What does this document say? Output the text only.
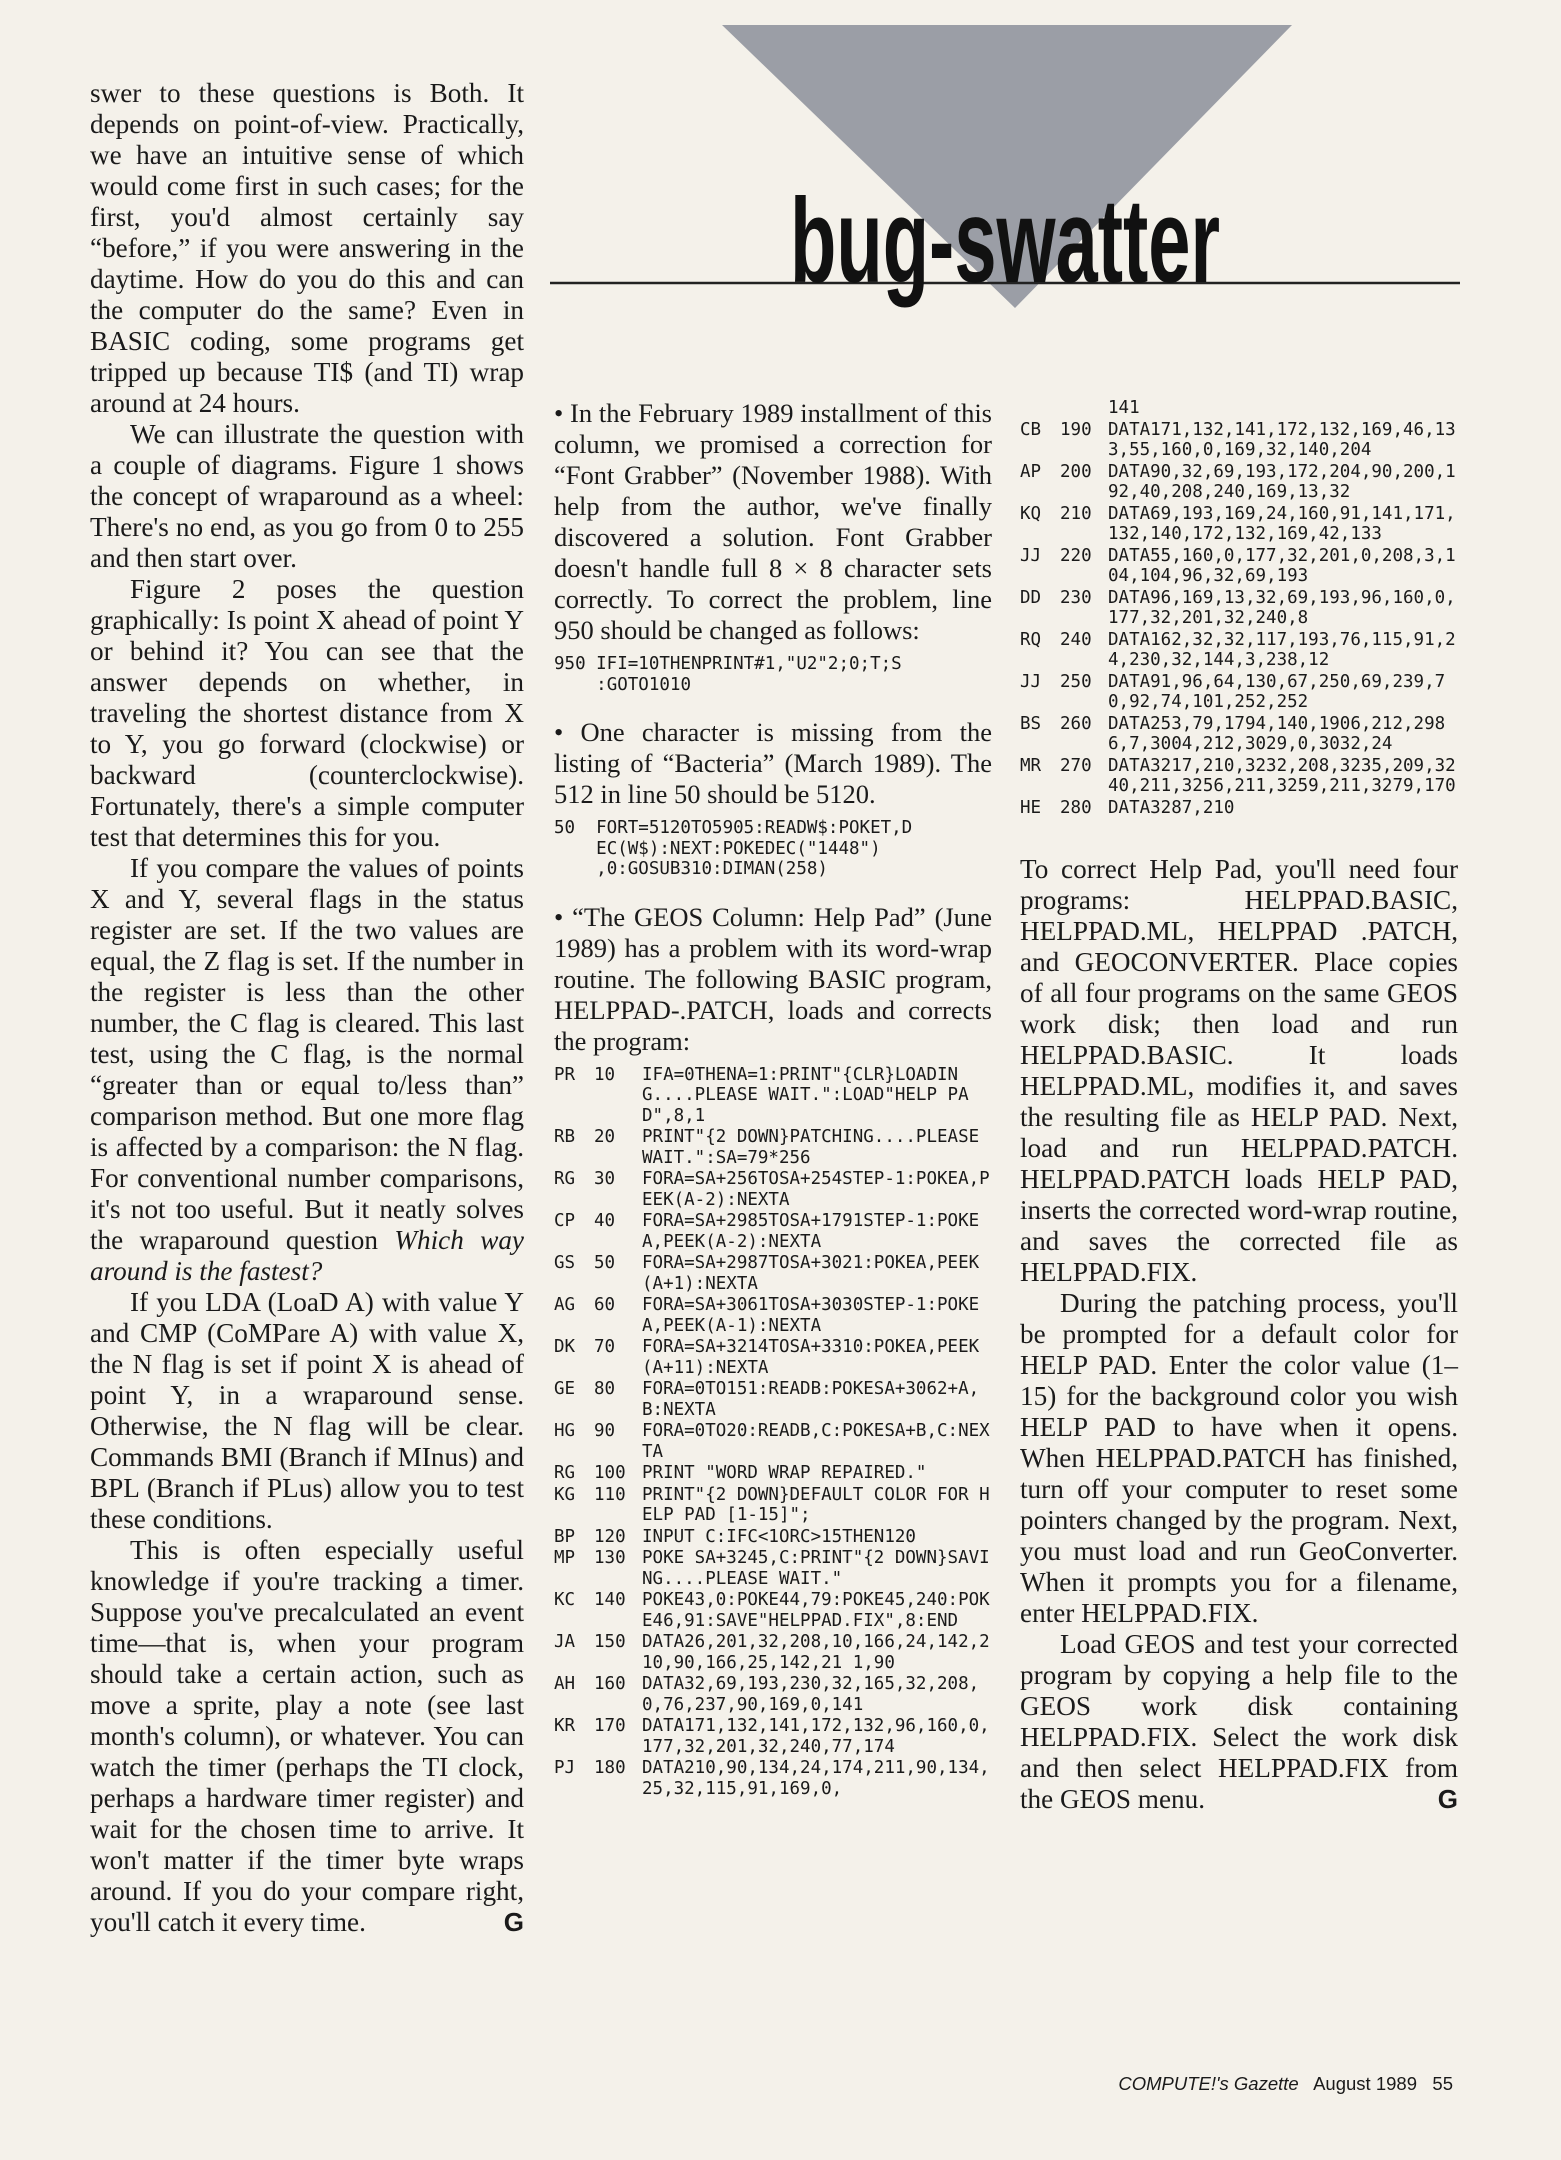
bug-swatter

swer to these questions is Both. It depends on point-of-view. Practically, we have an intuitive sense of which would come first in such cases; for the first, you'd almost certainly say “before,” if you were answering in the daytime. How do you do this and can the computer do the same? Even in BASIC coding, some programs get tripped up because TI$ (and TI) wrap around at 24 hours.

We can illustrate the question with a couple of diagrams. Figure 1 shows the concept of wraparound as a wheel: There's no end, as you go from 0 to 255 and then start over.

Figure 2 poses the question graphically: Is point X ahead of point Y or behind it? You can see that the answer depends on whether, in traveling the shortest distance from X to Y, you go forward (clockwise) or backward (counterclockwise). Fortunately, there's a simple computer test that determines this for you.

If you compare the values of points X and Y, several flags in the status register are set. If the two values are equal, the Z flag is set. If the number in the register is less than the other number, the C flag is cleared. This last test, using the C flag, is the normal “greater than or equal to/less than” comparison method. But one more flag is affected by a comparison: the N flag. For conventional number comparisons, it's not too useful. But it neatly solves the wraparound question Which way around is the fastest?

If you LDA (LoaD A) with value Y and CMP (CoMPare A) with value X, the N flag is set if point X is ahead of point Y, in a wraparound sense. Otherwise, the N flag will be clear. Commands BMI (Branch if MInus) and BPL (Branch if PLus) allow you to test these conditions.

This is often especially useful knowledge if you're tracking a timer. Suppose you've precalculated an event time—that is, when your program should take a certain action, such as move a sprite, play a note (see last month's column), or whatever. You can watch the timer (perhaps the TI clock, perhaps a hardware timer register) and wait for the chosen time to arrive. It won't matter if the timer byte wraps around. If you do your compare right, you'll catch it every time.	G

• In the February 1989 installment of this column, we promised a correction for “Font Grabber” (November 1988). With help from the author, we've finally discovered a solution. Font Grabber doesn't handle full 8 × 8 character sets correctly. To correct the problem, line 950 should be changed as follows:

950 IFI=10THENPRINT#1,"U2"2;0;T;S
:GOTO1010

• One character is missing from the listing of “Bacteria” (March 1989). The 512 in line 50 should be 5120.

50  FORT=5120TO5905:READW$:POKET,D
EC(W$):NEXT:POKEDEC("1448")
,0:GOSUB310:DIMAN(258)

• “The GEOS Column: Help Pad” (June 1989) has a problem with its word-wrap routine. The following BASIC program, HELPPAD-.PATCH, loads and corrects the program:

PR	10	IFA=0THENA=1:PRINT"{CLR}LOADING....PLEASE WAIT.":LOAD"HELP PAD",8,1
RB	20	PRINT"{2 DOWN}PATCHING....PLEASE WAIT.":SA=79*256
RG	30	FORA=SA+256TOSA+254STEP-1:POKEA,PEEK(A-2):NEXTA
CP	40	FORA=SA+2985TOSA+1791STEP-1:POKEA,PEEK(A-2):NEXTA
GS	50	FORA=SA+2987TOSA+3021:POKEA,PEEK(A+1):NEXTA
AG	60	FORA=SA+3061TOSA+3030STEP-1:POKEA,PEEK(A-1):NEXTA
DK	70	FORA=SA+3214TOSA+3310:POKEA,PEEK(A+11):NEXTA
GE	80	FORA=0TO151:READB:POKESA+3062+A,B:NEXTA
HG	90	FORA=0TO20:READB,C:POKESA+B,C:NEXTA
RG	100 PRINT "WORD WRAP REPAIRED."
KG	110 PRINT"{2 DOWN}DEFAULT COLOR FOR HELP PAD [1-15]";
BP	120 INPUT C:IFC<1ORC>15THEN120
MP	130 POKE SA+3245,C:PRINT"{2 DOWN}SAVING....PLEASE WAIT."
KC	140 POKE43,0:POKE44,79:POKE45,240:POKE46,91:SAVE"HELPPAD.FIX",8:END
JA	150 DATA26,201,32,208,10,166,24,142,210,90,166,25,142,21 1,90
AH	160 DATA32,69,193,230,32,165,32,208,0,76,237,90,169,0,141
KR	170 DATA171,132,141,172,132,96,160,0,177,32,201,32,240,77,174
PJ	180 DATA210,90,134,24,174,211,90,134,25,32,115,91,169,0,
141
CB	190 DATA171,132,141,172,132,169,46,133,55,160,0,169,32,140,204
AP	200 DATA90,32,69,193,172,204,90,200,192,40,208,240,169,13,32
KQ	210 DATA69,193,169,24,160,91,141,171,132,140,172,132,169,42,133
JJ	220 DATA55,160,0,177,32,201,0,208,3,104,104,96,32,69,193
DD	230 DATA96,169,13,32,69,193,96,160,0,177,32,201,32,240,8
RQ	240 DATA162,32,32,117,193,76,115,91,24,230,32,144,3,238,12
JJ	250 DATA91,96,64,130,67,250,69,239,70,92,74,101,252,252
BS	260 DATA253,79,1794,140,1906,212,2986,7,3004,212,3029,0,3032,24
MR	270 DATA3217,210,3232,208,3235,209,3240,211,3256,211,3259,211,3279,170
HE	280 DATA3287,210

To correct Help Pad, you'll need four programs: HELPPAD.BASIC, HELPPAD.ML, HELPPAD .PATCH, and GEOCONVERTER. Place copies of all four programs on the same GEOS work disk; then load and run HELPPAD.BASIC. It loads HELPPAD.ML, modifies it, and saves the resulting file as HELP PAD. Next, load and run HELPPAD.PATCH. HELPPAD.PATCH loads HELP PAD, inserts the corrected word-wrap routine, and saves the corrected file as HELPPAD.FIX.

During the patching process, you'll be prompted for a default color for HELP PAD. Enter the color value (1–15) for the background color you wish HELP PAD to have when it opens. When HELPPAD.PATCH has finished, turn off your computer to reset some pointers changed by the program. Next, you must load and run GeoConverter. When it prompts you for a filename, enter HELPPAD.FIX.

Load GEOS and test your corrected program by copying a help file to the GEOS work disk containing HELPPAD.FIX. Select the work disk and then select HELPPAD.FIX from the GEOS menu.	G

COMPUTE!'s Gazette August 1989 55
